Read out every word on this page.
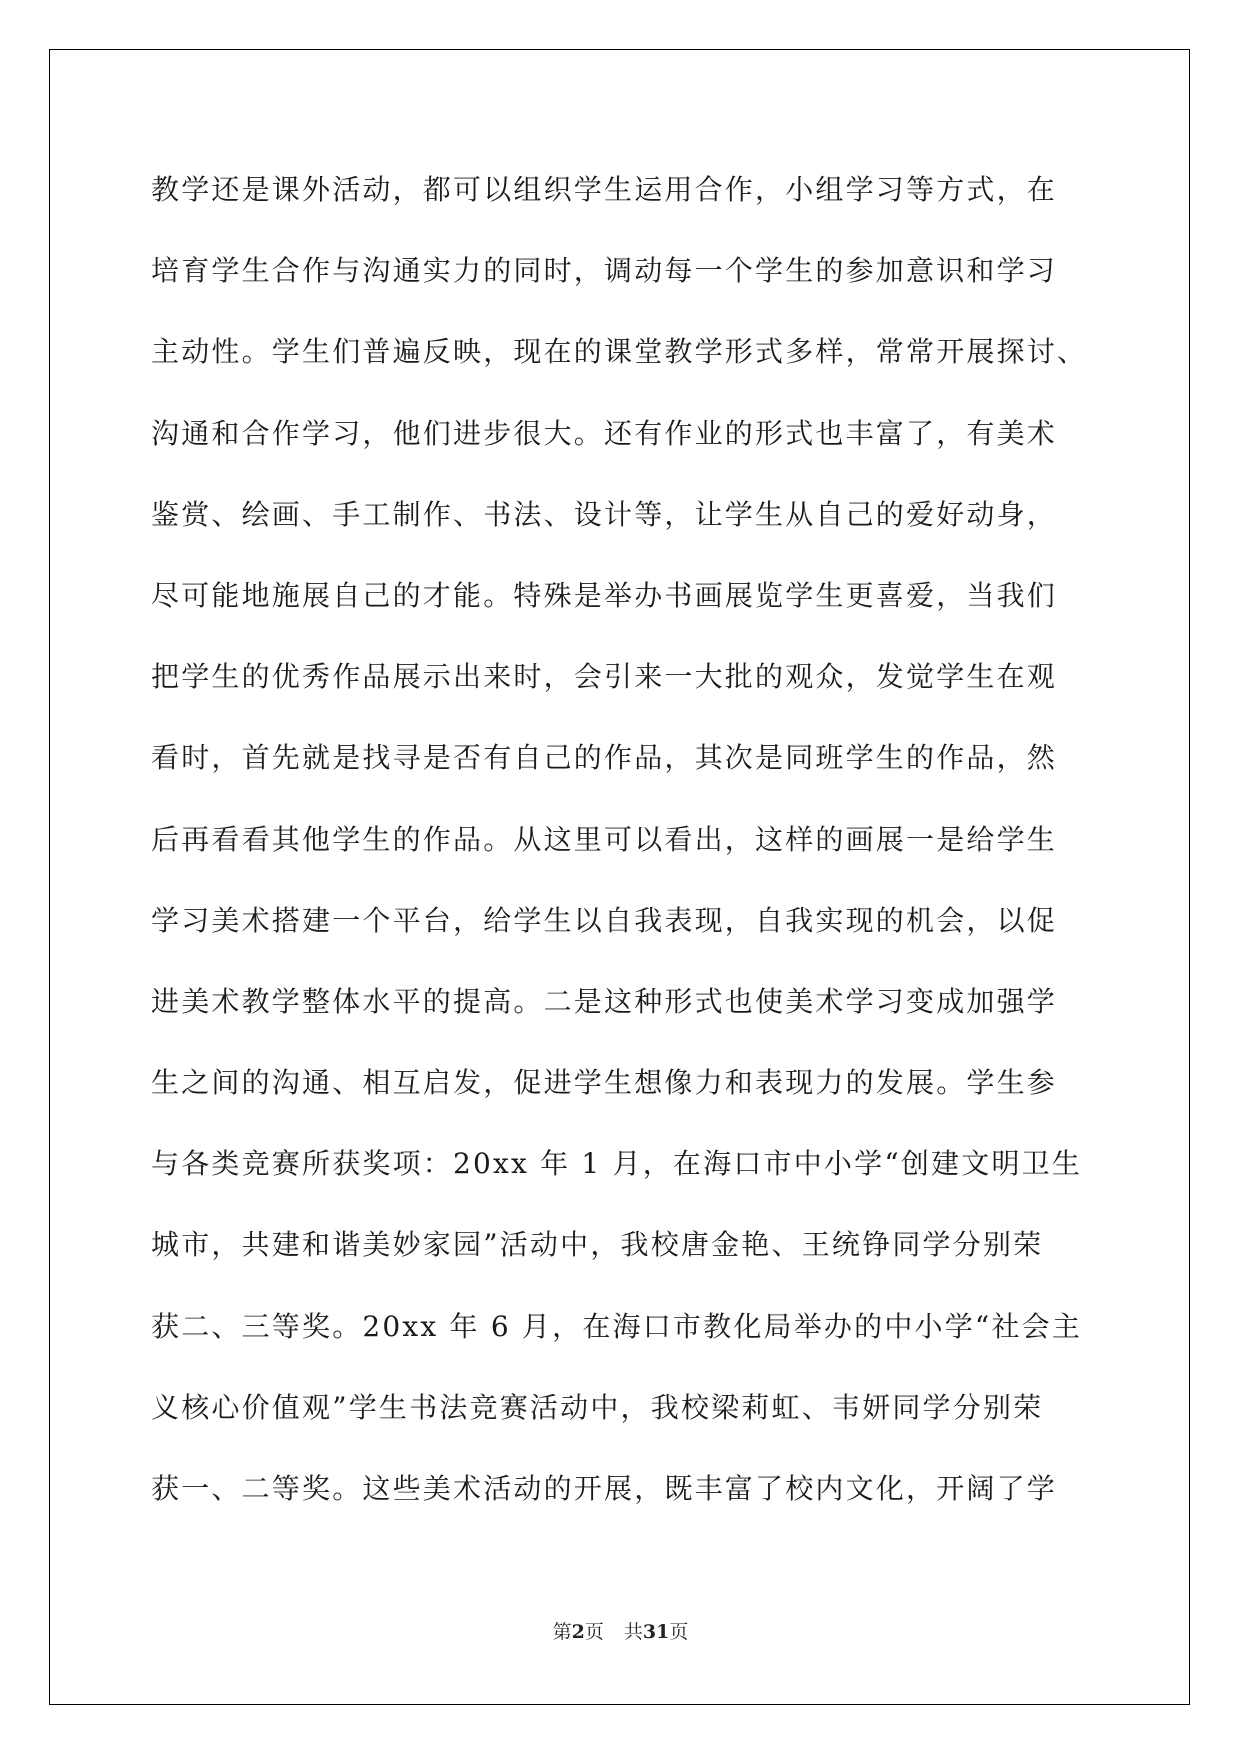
教学还是课外活动，都可以组织学生运用合作，小组学习等方式，在
培育学生合作与沟通实力的同时，调动每一个学生的参加意识和学习
主动性。学生们普遍反映，现在的课堂教学形式多样，常常开展探讨、
沟通和合作学习，他们进步很大。还有作业的形式也丰富了，有美术
鉴赏、绘画、手工制作、书法、设计等，让学生从自己的爱好动身，
尽可能地施展自己的才能。特殊是举办书画展览学生更喜爱，当我们
把学生的优秀作品展示出来时，会引来一大批的观众，发觉学生在观
看时，首先就是找寻是否有自己的作品，其次是同班学生的作品，然
后再看看其他学生的作品。从这里可以看出，这样的画展一是给学生
学习美术搭建一个平台，给学生以自我表现，自我实现的机会，以促
进美术教学整体水平的提高。二是这种形式也使美术学习变成加强学
生之间的沟通、相互启发，促进学生想像力和表现力的发展。学生参
与各类竞赛所获奖项：20xx 年 1 月，在海口市中小学“创建文明卫生
城市，共建和谐美妙家园”活动中，我校唐金艳、王统铮同学分别荣
获二、三等奖。20xx 年 6 月，在海口市教化局举办的中小学“社会主
义核心价值观”学生书法竞赛活动中，我校梁莉虹、韦妍同学分别荣
获一、二等奖。这些美术活动的开展，既丰富了校内文化，开阔了学
第2页 共31页
